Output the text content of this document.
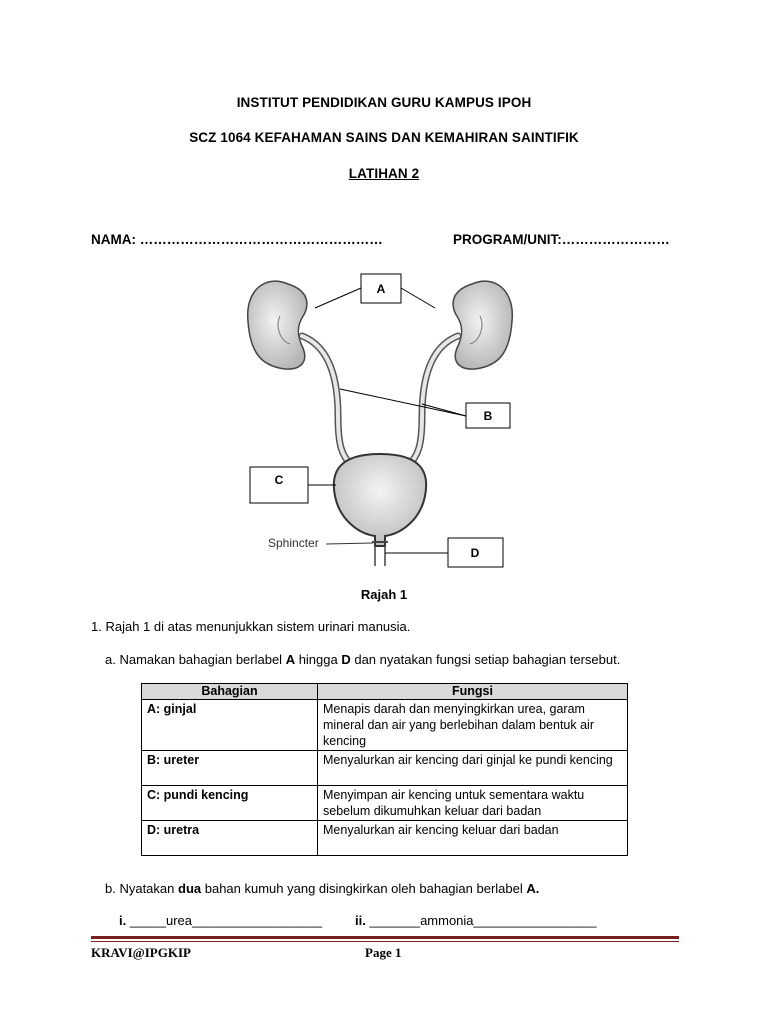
INSTITUT PENDIDIKAN GURU KAMPUS IPOH
SCZ 1064 KEFAHAMAN SAINS DAN KEMAHIRAN SAINTIFIK
LATIHAN 2
NAMA: ………………………………………………	PROGRAM/UNIT:……………………
A
B
C
D
Sphincter
Rajah 1
1. Rajah 1 di atas menunjukkan sistem urinari manusia.
a. Namakan bahagian berlabel A hingga D dan nyatakan fungsi setiap bahagian tersebut.
Bahagian	Fungsi
A: ginjal	Menapis darah dan menyingkirkan urea, garam mineral dan air yang berlebihan dalam bentuk air kencing
B: ureter	Menyalurkan air kencing dari ginjal ke pundi kencing
C: pundi kencing	Menyimpan air kencing untuk sementara waktu sebelum dikumuhkan keluar dari badan
D: uretra	Menyalurkan air kencing keluar dari badan
b. Nyatakan dua bahan kumuh yang disingkirkan oleh bahagian berlabel A.
i. _____urea__________________	ii. _______ammonia_________________
KRAVI@IPGKIP	Page 1
